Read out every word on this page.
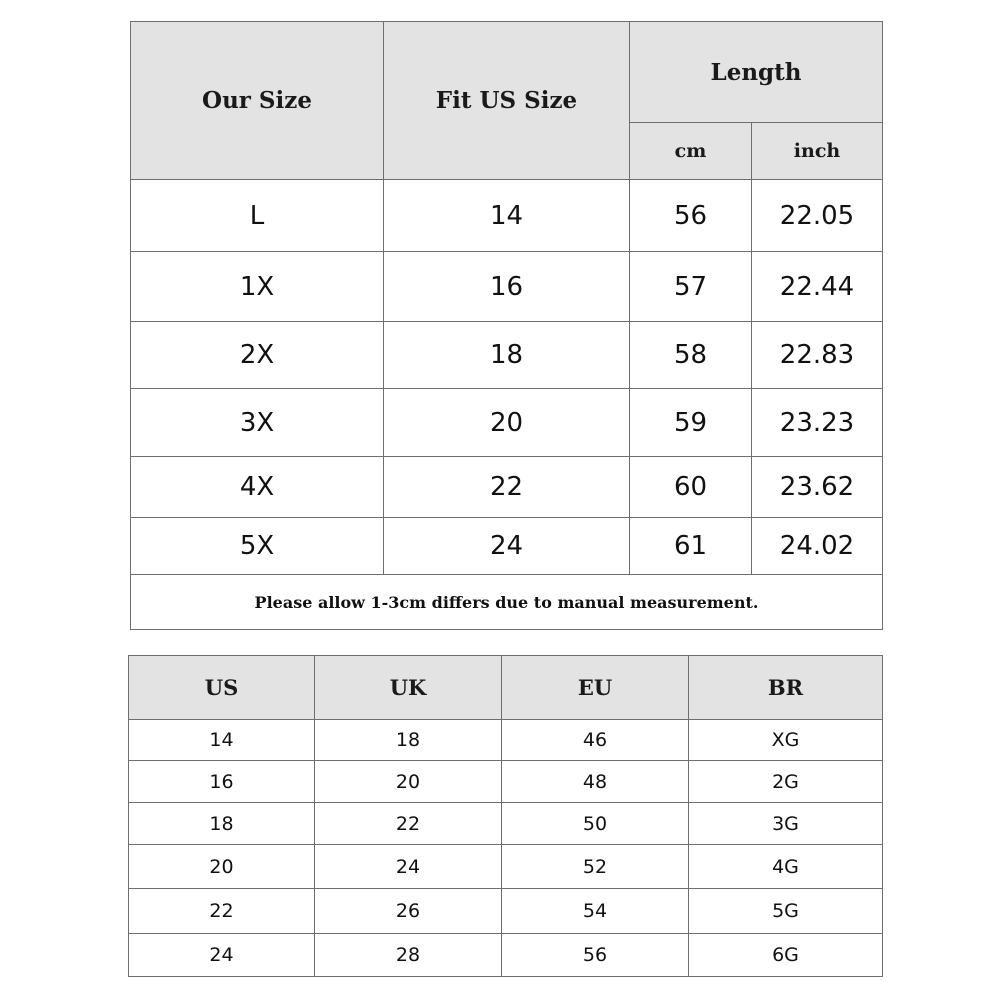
Our Size	Fit US Size	Length	
		cm	inch
L	14	56	22.05
1X	16	57	22.44
2X	18	58	22.83
3X	20	59	23.23
4X	22	60	23.62
5X	24	61	24.02
Please allow 1-3cm differs due to manual measurement.			
US	UK	EU	BR
14	18	46	XG
16	20	48	2G
18	22	50	3G
20	24	52	4G
22	26	54	5G
24	28	56	6G
